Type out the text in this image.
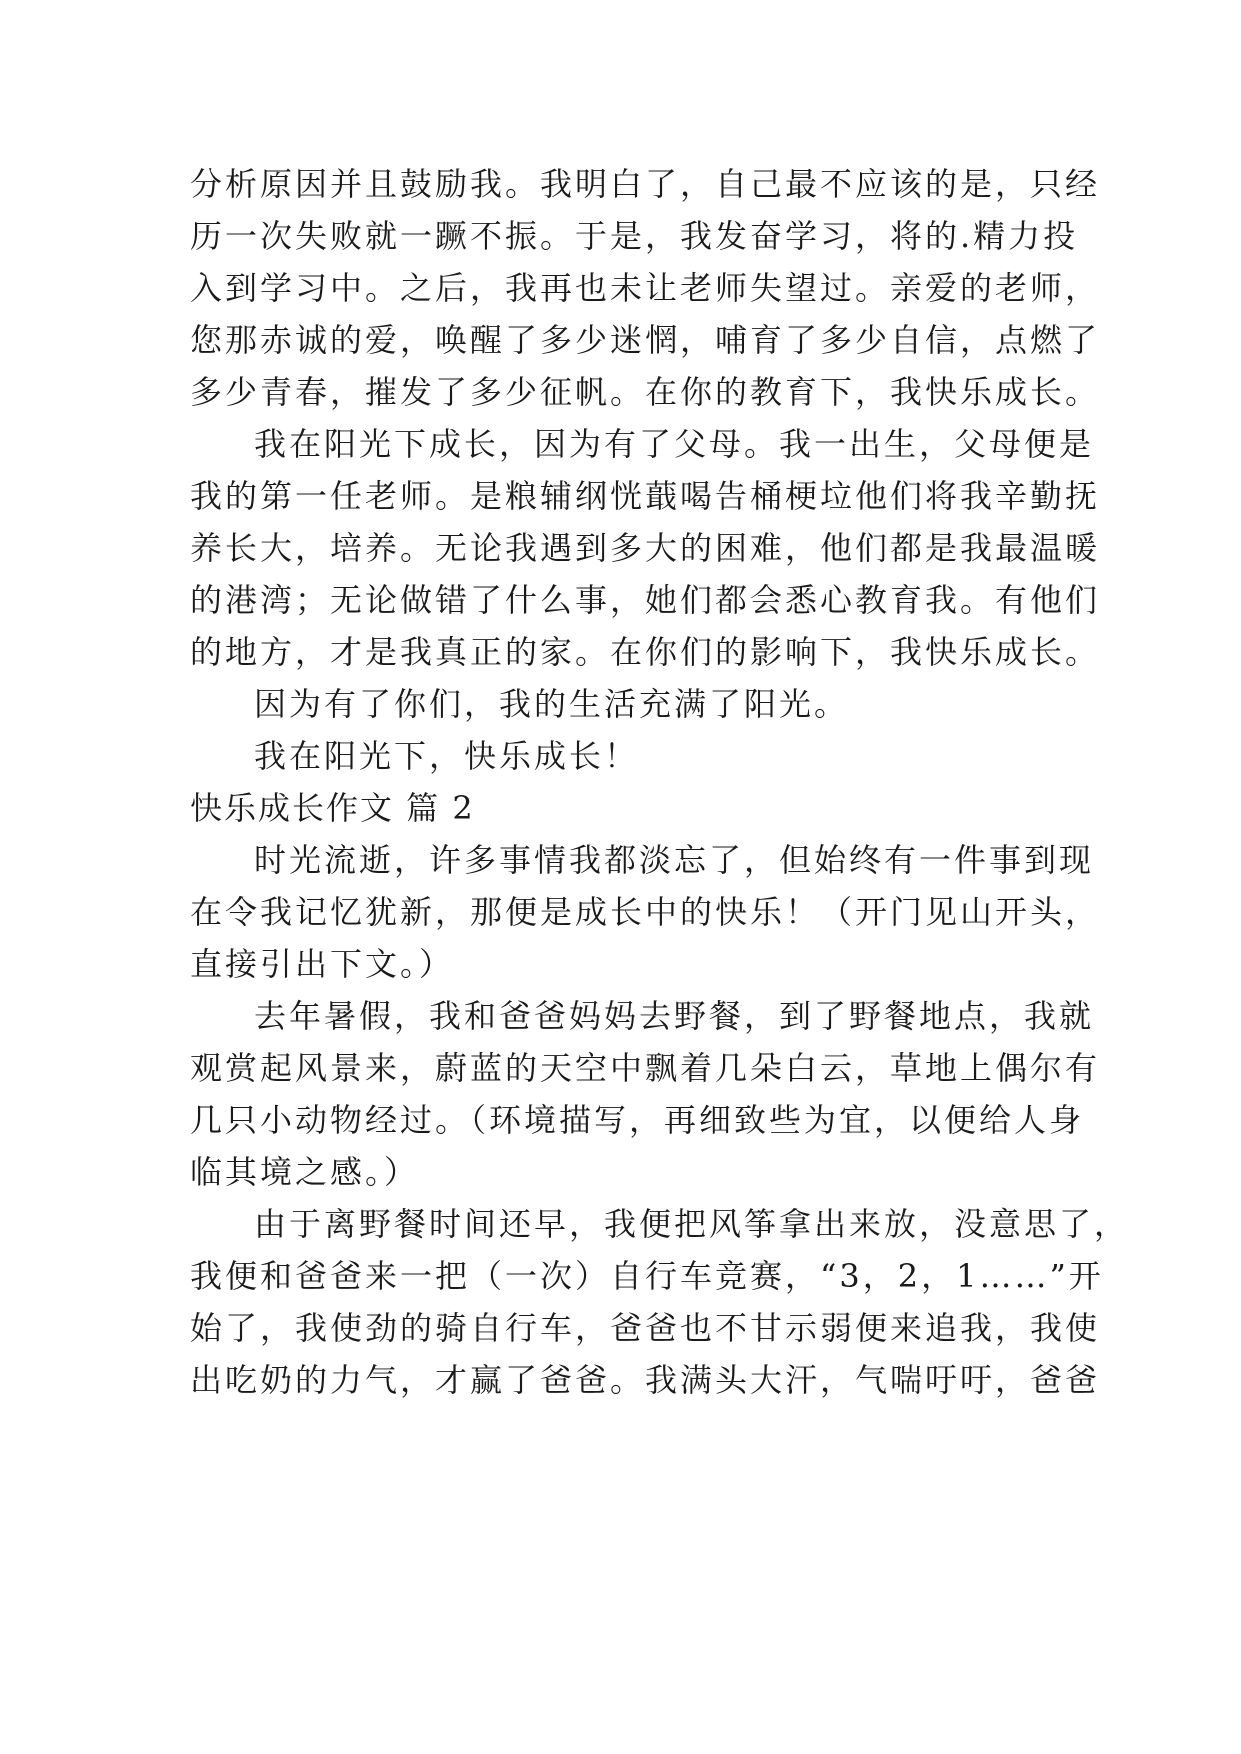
分析原因并且鼓励我。我明白了，自己最不应该的是，只经
历一次失败就一蹶不振。于是，我发奋学习，将的.精力投
入到学习中。之后，我再也未让老师失望过。亲爱的老师，
您那赤诚的爱，唤醒了多少迷惘，哺育了多少自信，点燃了
多少青春，摧发了多少征帆。在你的教育下，我快乐成长。
我在阳光下成长，因为有了父母。我一出生，父母便是
我的第一任老师。是粮辅纲恍蕺喝告桶梗垃他们将我辛勤抚
养长大，培养。无论我遇到多大的困难，他们都是我最温暖
的港湾；无论做错了什么事，她们都会悉心教育我。有他们
的地方，才是我真正的家。在你们的影响下，我快乐成长。
因为有了你们，我的生活充满了阳光。
我在阳光下，快乐成长！
快乐成长作文 篇 2
时光流逝，许多事情我都淡忘了，但始终有一件事到现
在令我记忆犹新，那便是成长中的快乐！（开门见山开头，
直接引出下文。）
去年暑假，我和爸爸妈妈去野餐，到了野餐地点，我就
观赏起风景来，蔚蓝的天空中飘着几朵白云，草地上偶尔有
几只小动物经过。（环境描写，再细致些为宜，以便给人身
临其境之感。）
由于离野餐时间还早，我便把风筝拿出来放，没意思了，
我便和爸爸来一把（一次）自行车竞赛，“3，2，1……”开
始了，我使劲的骑自行车，爸爸也不甘示弱便来追我，我使
出吃奶的力气，才赢了爸爸。我满头大汗，气喘吁吁，爸爸
